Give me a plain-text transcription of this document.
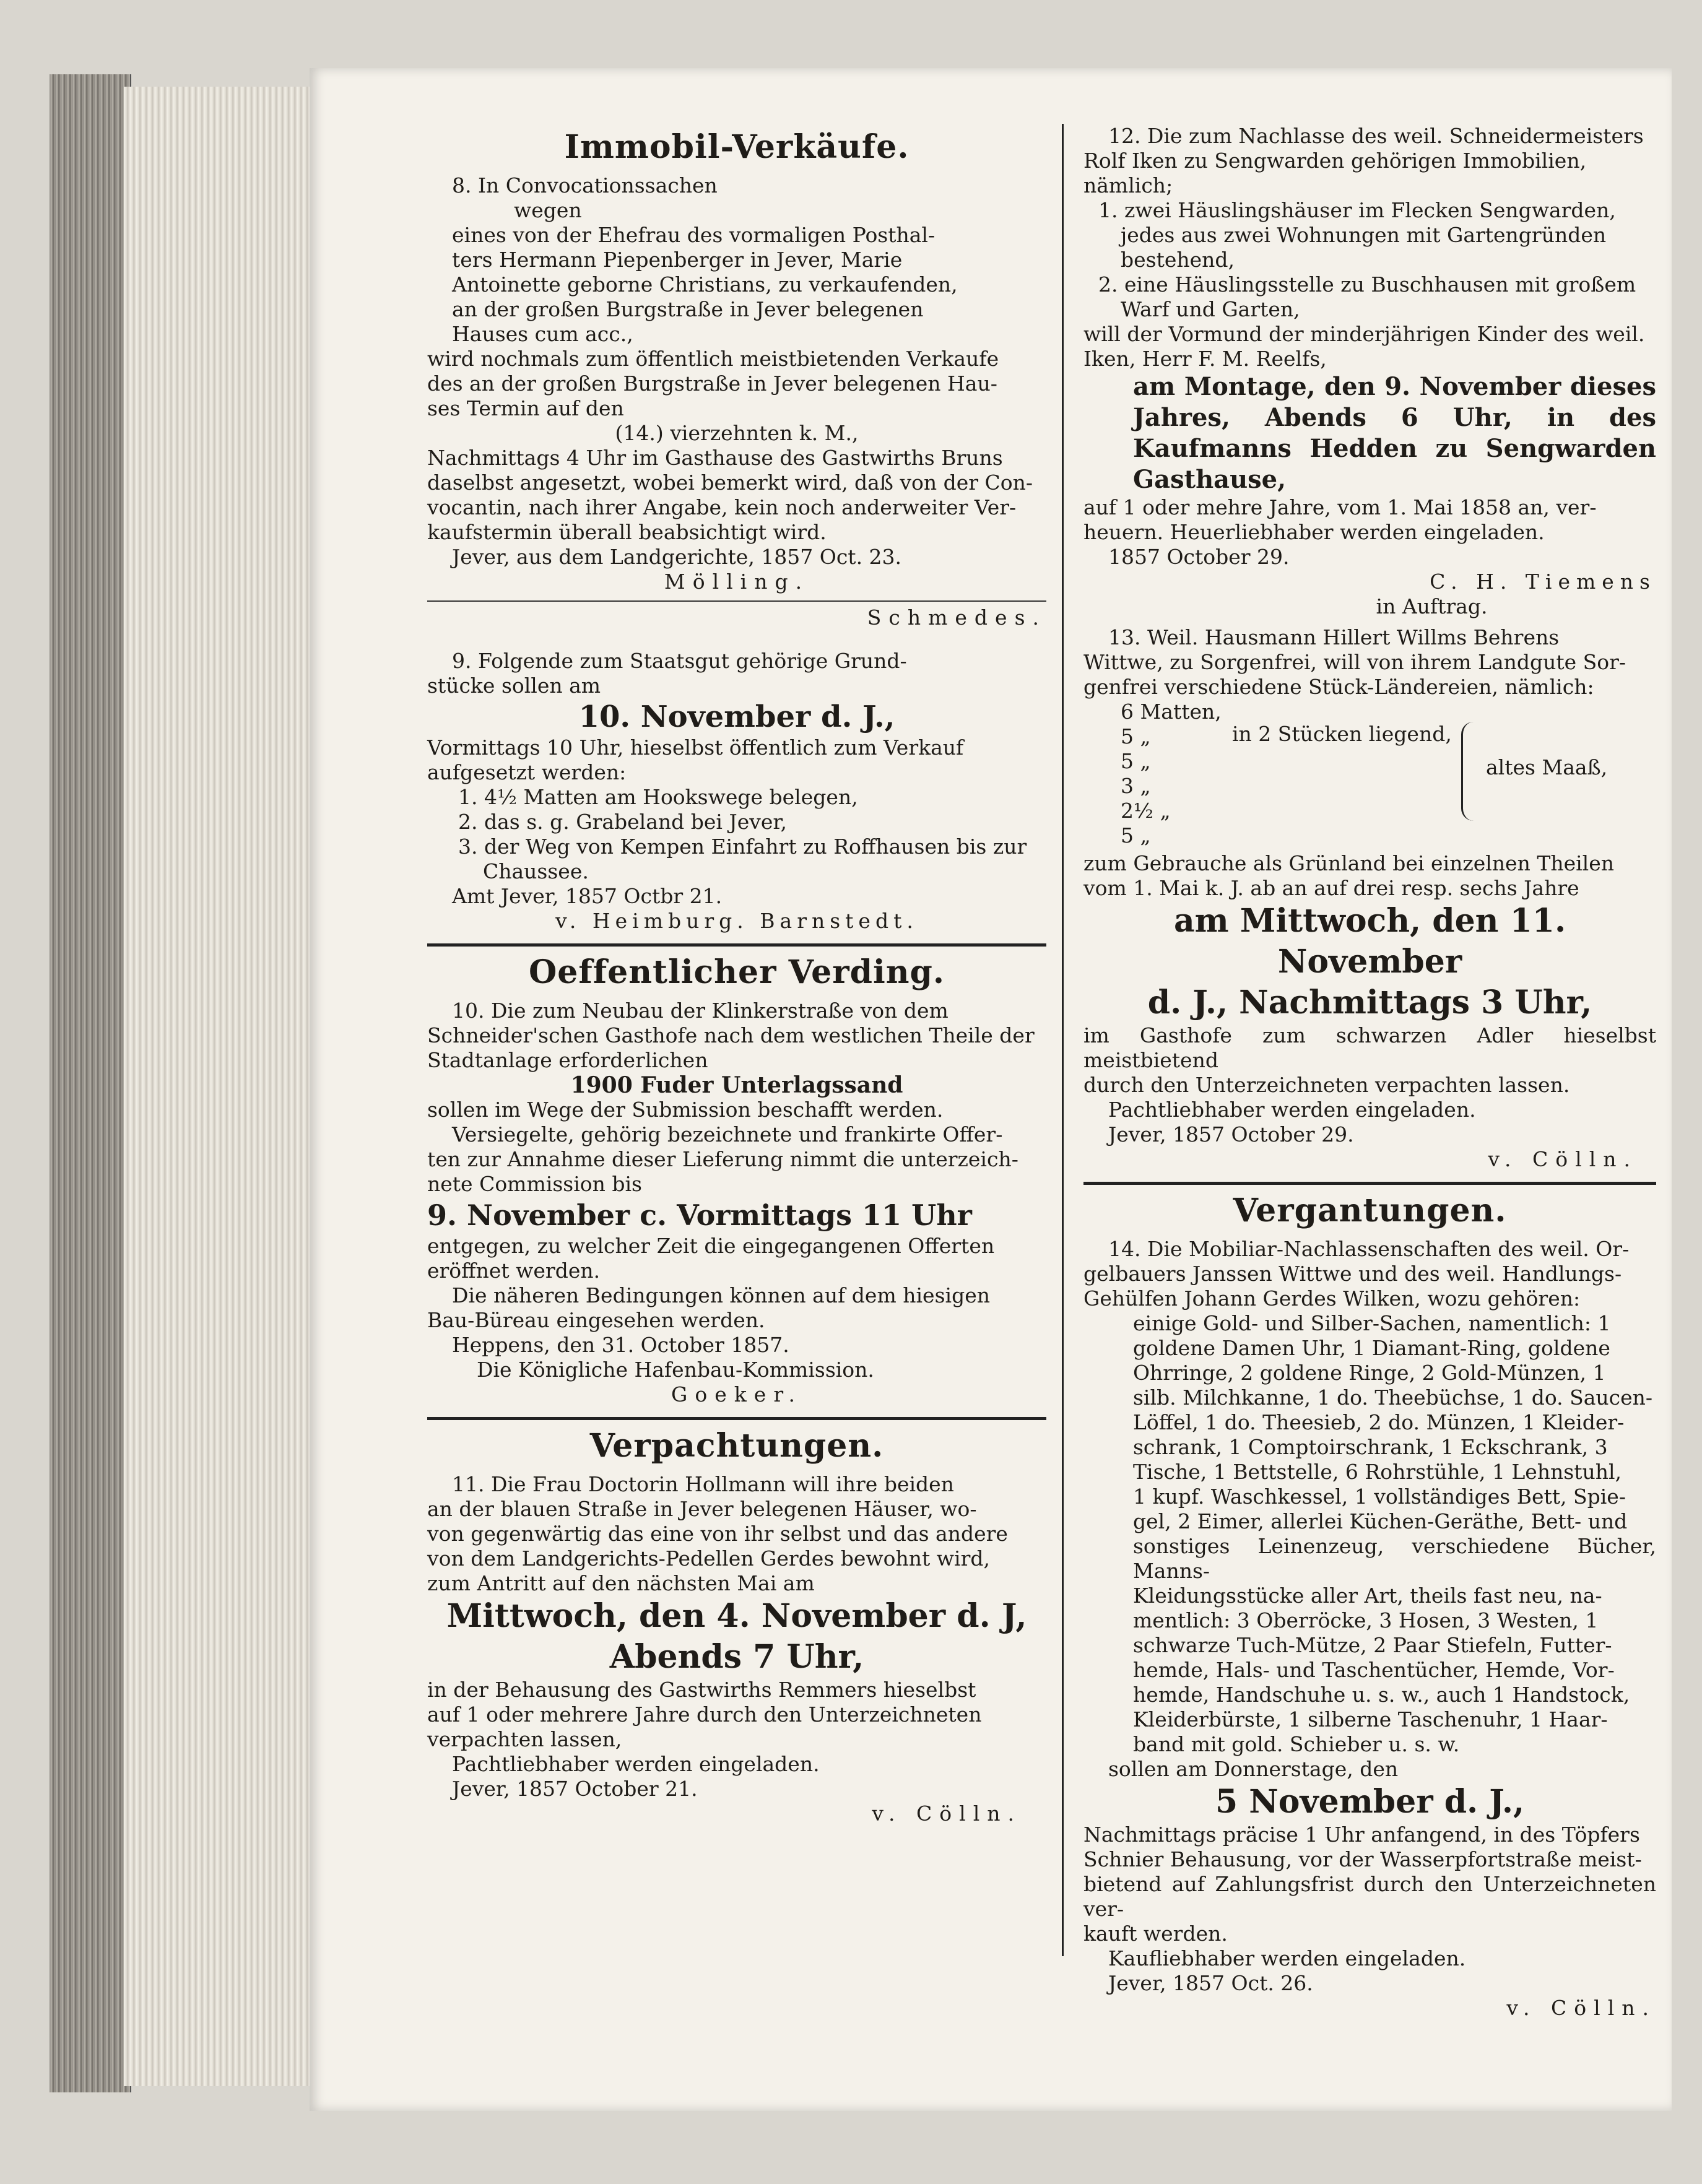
Immobil-Verkäufe.

8. In Convocationssachen

wegen

eines von der Ehefrau des vormaligen Posthal-

ters Hermann Piepenberger in Jever, Marie

Antoinette geborne Christians, zu verkaufenden,

an der großen Burgstraße in Jever belegenen

Hauses cum acc.,

wird nochmals zum öffentlich meistbietenden Verkaufe

des an der großen Burgstraße in Jever belegenen Hau-

ses Termin auf den

(14.) vierzehnten k. M.,

Nachmittags 4 Uhr im Gasthause des Gastwirths Bruns

daselbst angesetzt, wobei bemerkt wird, daß von der Con-

vocantin, nach ihrer Angabe, kein noch anderweiter Ver-

kaufstermin überall beabsichtigt wird.

Jever, aus dem Landgerichte, 1857 Oct. 23.

Mölling.

Schmedes.

9. Folgende zum Staatsgut gehörige Grund-

stücke sollen am

10. November d. J.,

Vormittags 10 Uhr, hieselbst öffentlich zum Verkauf

aufgesetzt werden:

1. 4½ Matten am Hookswege belegen,
2. das s. g. Grabeland bei Jever,
3. der Weg von Kempen Einfahrt zu Roffhausen bis zur Chaussee.

Amt Jever, 1857 Octbr 21.

v. Heimburg. Barnstedt.

Oeffentlicher Verding.

10. Die zum Neubau der Klinkerstraße von dem

Schneider'schen Gasthofe nach dem westlichen Theile der

Stadtanlage erforderlichen

1900 Fuder Unterlagssand

sollen im Wege der Submission beschafft werden.

Versiegelte, gehörig bezeichnete und frankirte Offer-

ten zur Annahme dieser Lieferung nimmt die unterzeich-

nete Commission bis

9. November c. Vormittags 11 Uhr

entgegen, zu welcher Zeit die eingegangenen Offerten

eröffnet werden.

Die näheren Bedingungen können auf dem hiesigen

Bau-Büreau eingesehen werden.

Heppens, den 31. October 1857.

Die Königliche Hafenbau-Kommission.

Goeker.

Verpachtungen.

11. Die Frau Doctorin Hollmann will ihre beiden

an der blauen Straße in Jever belegenen Häuser, wo-

von gegenwärtig das eine von ihr selbst und das andere

von dem Landgerichts-Pedellen Gerdes bewohnt wird,

zum Antritt auf den nächsten Mai am

Mittwoch, den 4. November d. J,

Abends 7 Uhr,

in der Behausung des Gastwirths Remmers hieselbst

auf 1 oder mehrere Jahre durch den Unterzeichneten

verpachten lassen,

Pachtliebhaber werden eingeladen.

Jever, 1857 October 21.

v. Cölln.

12. Die zum Nachlasse des weil. Schneidermeisters

Rolf Iken zu Sengwarden gehörigen Immobilien,

nämlich;

1. zwei Häuslingshäuser im Flecken Sengwarden, jedes aus zwei Wohnungen mit Gartengründen bestehend,
2. eine Häuslingsstelle zu Buschhausen mit großem Warf und Garten,

will der Vormund der minderjährigen Kinder des weil.

Iken, Herr F. M. Reelfs,

am Montage, den 9. November dieses Jahres, Abends 6 Uhr, in des Kaufmanns Hedden zu Sengwarden Gasthause,

auf 1 oder mehre Jahre, vom 1. Mai 1858 an, ver-

heuern. Heuerliebhaber werden eingeladen.

1857 October 29.

C. H. Tiemens

in Auftrag.

13. Weil. Hausmann Hillert Willms Behrens

Wittwe, zu Sorgenfrei, will von ihrem Landgute Sor-

genfrei verschiedene Stück-Ländereien, nämlich:

6 Matten,
5 „
5 „
3 „
2½ „
5 „
in 2 Stücken liegend,
altes Maaß,

zum Gebrauche als Grünland bei einzelnen Theilen

vom 1. Mai k. J. ab an auf drei resp. sechs Jahre

am Mittwoch, den 11. November

d. J., Nachmittags 3 Uhr,

im Gasthofe zum schwarzen Adler hieselbst meistbietend

durch den Unterzeichneten verpachten lassen.

Pachtliebhaber werden eingeladen.

Jever, 1857 October 29.

v. Cölln.

Vergantungen.

14. Die Mobiliar-Nachlassenschaften des weil. Or-

gelbauers Janssen Wittwe und des weil. Handlungs-

Gehülfen Johann Gerdes Wilken, wozu gehören:

einige Gold- und Silber-Sachen, namentlich: 1

goldene Damen Uhr, 1 Diamant-Ring, goldene

Ohrringe, 2 goldene Ringe, 2 Gold-Münzen, 1

silb. Milchkanne, 1 do. Theebüchse, 1 do. Saucen-

Löffel, 1 do. Theesieb, 2 do. Münzen, 1 Kleider-

schrank, 1 Comptoirschrank, 1 Eckschrank, 3

Tische, 1 Bettstelle, 6 Rohrstühle, 1 Lehnstuhl,

1 kupf. Waschkessel, 1 vollständiges Bett, Spie-

gel, 2 Eimer, allerlei Küchen-Geräthe, Bett- und

sonstiges Leinenzeug, verschiedene Bücher, Manns-

Kleidungsstücke aller Art, theils fast neu, na-

mentlich: 3 Oberröcke, 3 Hosen, 3 Westen, 1

schwarze Tuch-Mütze, 2 Paar Stiefeln, Futter-

hemde, Hals- und Taschentücher, Hemde, Vor-

hemde, Handschuhe u. s. w., auch 1 Handstock,

Kleiderbürste, 1 silberne Taschenuhr, 1 Haar-

band mit gold. Schieber u. s. w.

sollen am Donnerstage, den

5 November d. J.,

Nachmittags präcise 1 Uhr anfangend, in des Töpfers

Schnier Behausung, vor der Wasserpfortstraße meist-

bietend auf Zahlungsfrist durch den Unterzeichneten ver-

kauft werden.

Kaufliebhaber werden eingeladen.

Jever, 1857 Oct. 26.

v. Cölln.
